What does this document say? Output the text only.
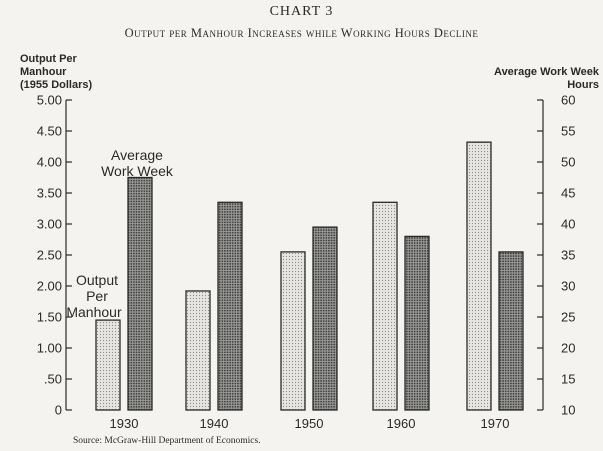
CHART 3
Output per Manhour Increases while Working Hours Decline
Output Per
Manhour
(1955 Dollars)
Average Work Week
Hours
0
.50
1.00
1.50
2.00
2.50
3.00
3.50
4.00
4.50
5.00
10
15
20
25
30
35
40
45
50
55
60
1930	1940	1950	1960	1970
Average
Work Week
Output
Per
Manhour
Source: McGraw-Hill Department of Economics.
